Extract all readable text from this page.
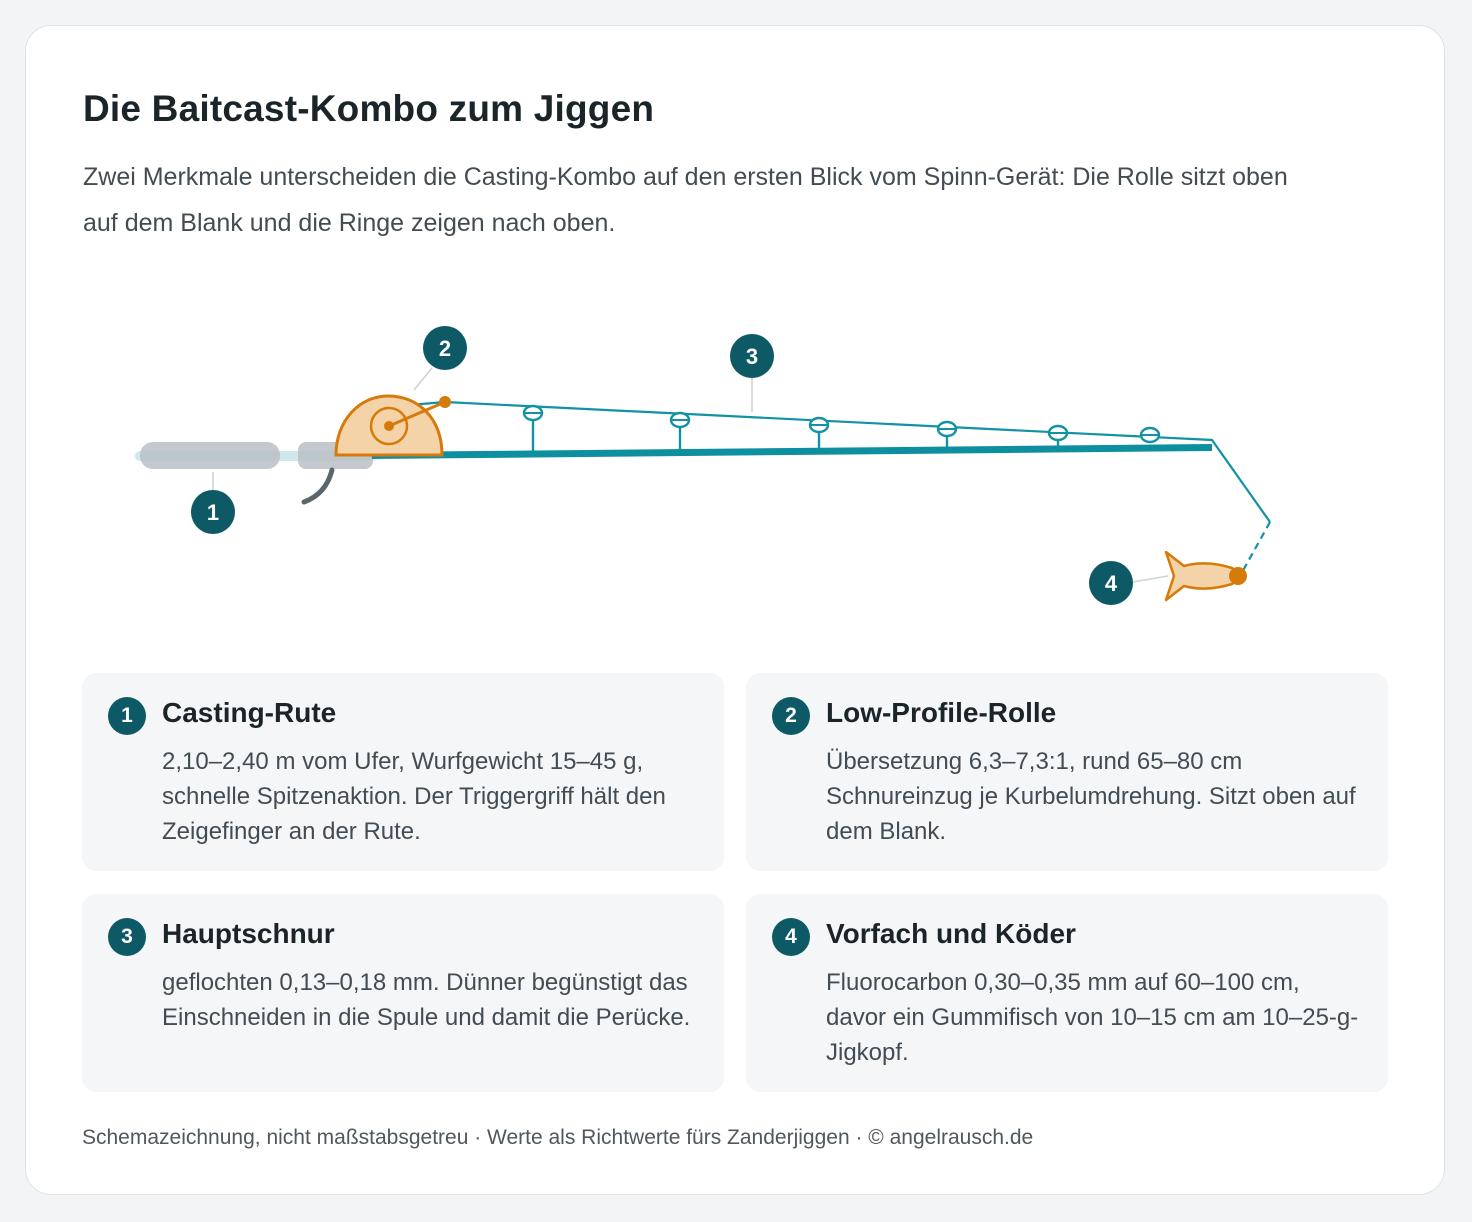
Die Baitcast-Kombo zum Jiggen

Zwei Merkmale unterscheiden die Casting-Kombo auf den ersten Blick vom Spinn-Gerät: Die Rolle sitzt oben auf dem Blank und die Ringe zeigen nach oben.

1
2	3
4
1	Casting-Rute

2,10–2,40 m vom Ufer, Wurfgewicht 15–45 g, schnelle Spitzenaktion. Der Triggergriff hält den Zeigefinger an der Rute.

2	Low-Profile-Rolle

Übersetzung 6,3–7,3:1, rund 65–80 cm Schnureinzug je Kurbelumdrehung. Sitzt oben auf dem Blank.

3	Hauptschnur

geflochten 0,13–0,18 mm. Dünner begünstigt das Einschneiden in die Spule und damit die Perücke.

4	Vorfach und Köder

Fluorocarbon 0,30–0,35 mm auf 60–100 cm, davor ein Gummifisch von 10–15 cm am 10–25-g-Jigkopf.

Schemazeichnung, nicht maßstabsgetreu · Werte als Richtwerte fürs Zanderjiggen · © angelrausch.de
